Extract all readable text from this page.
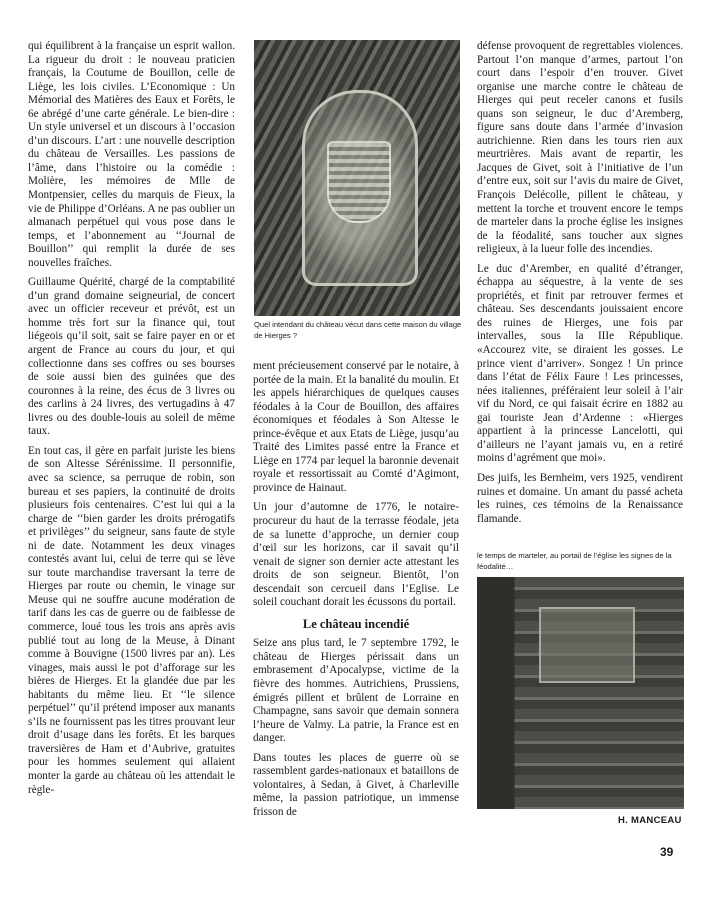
qui équilibrent à la française un esprit wallon. La rigueur du droit : le nouveau praticien français, la Coutume de Bouillon, celle de Liège, les lois civiles. L’Economique : Un Mémorial des Matières des Eaux et Forêts, le 6e abrégé d’une carte générale. Le bien-dire : Un style universel et un discours à l’occasion d’un discours. L’art : une nouvelle description du château de Versailles. Les passions de l’âme, dans l’histoire ou la comédie : Molière, les mémoires de Mlle de Montpensier, celles du marquis de Fieux, la vie de Philippe d’Orléans. A ne pas oublier un almanach perpétuel qui vous pose dans le temps, et l’abonnement au ‘‘Journal de Bouillon’’ qui remplit la durée de ses nouvelles fraîches.

Guillaume Quérité, chargé de la comptabilité d’un grand domaine seigneurial, de concert avec un officier receveur et prévôt, est un homme très fort sur la finance qui, tout liégeois qu’il soit, sait se faire payer en or et argent de France au cours du jour, et qui collectionne dans ses coffres ou ses bourses de soie aussi bien des guinées que des couronnes à la reine, des écus de 3 livres ou des carlins à 24 livres, des vertugadins à 47 livres ou des double-louis au soleil de même taux.

En tout cas, il gère en parfait juriste les biens de son Altesse Sérénissime. Il personnifie, avec sa science, sa perruque de robin, son bureau et ses papiers, la continuité de droits plusieurs fois centenaires. C’est lui qui a la charge de ‘‘bien garder les droits prérogatifs et privilèges’’ du seigneur, sans faute de style ni de date. Notamment les deux vinages contestés avant lui, celui de terre qui se lève sur toute marchandise traversant la terre de Hierges par route ou chemin, le vinage sur Meuse qui ne souffre aucune modération de tarif dans les cas de guerre ou de faiblesse de commerce, loué tous les trois ans après avis publié tout au long de la Meuse, à Dinant comme à Bouvigne (1500 livres par an). Les vinages, mais aussi le pot d’afforage sur les bières de Hierges. Et la glandée due par les habitants du même lieu. Et ‘‘le silence perpétuel’’ qu’il prétend imposer aux manants s’ils ne fournissent pas les titres prouvant leur droit d’usage dans les forêts. Et les barques traversières de Ham et d’Aubrive, gratuites pour les hommes seulement qui allaient monter la garde au château où les attendait le règle-

Quel intendant du château vécut dans cette maison du village de Hierges ?

ment précieusement conservé par le notaire, à portée de la main. Et la banalité du moulin. Et les appels hiérarchiques de quelques causes féodales à la Cour de Bouillon, des affaires économiques et féodales à Son Altesse le prince-évêque et aux Etats de Liège, jusqu’au Traité des Limites passé entre la France et Liège en 1774 par lequel la baronnie devenait royale et ressortissait au Comté d’Agimont, province de Hainaut.

Un jour d’automne de 1776, le notaire-procureur du haut de la terrasse féodale, jeta de sa lunette d’approche, un dernier coup d’œil sur les horizons, car il savait qu’il venait de signer son dernier acte attestant les droits de son seigneur. Bientôt, l’on descendait son cercueil dans l’Eglise. Le soleil couchant dorait les écussons du portail.

Le château incendié

Seize ans plus tard, le 7 septembre 1792, le château de Hierges périssait dans un embrasement d’Apocalypse, victime de la fièvre des hommes. Autrichiens, Prussiens, émigrés pillent et brûlent de Lorraine en Champagne, sans savoir que demain sonnera l’heure de Valmy. La patrie, la France est en danger.

Dans toutes les places de guerre où se rassemblent gardes-nationaux et bataillons de volontaires, à Sedan, à Givet, à Charleville même, la passion patriotique, un immense frisson de

défense provoquent de regrettables violences. Partout l’on manque d’armes, partout l’on court dans l’espoir d’en trouver. Givet organise une marche contre le château de Hierges qui peut receler canons et fusils quans son seigneur, le duc d’Aremberg, figure sans doute dans l’armée d’invasion autrichienne. Rien dans les tours rien aux meurtrières. Mais avant de repartir, les Jacques de Givet, soit à l’initiative de l’un d’entre eux, soit sur l’avis du maire de Givet, François Delécolle, pillent le château, y mettent la torche et trouvent encore le temps de marteler dans la proche église les insignes de la féodalité, sans toucher aux signes religieux, à la lueur folle des incendies.

Le duc d’Arember, en qualité d’étranger, échappa au séquestre, à la vente de ses propriétés, et finit par retrouver fermes et château. Ses descendants jouissaient encore des ruines de Hierges, une fois par intervalles, sous la IIIe République. «Accourez vite, se diraient les gosses. Le prince vient d’arriver». Songez ! Un prince dans l’état de Félix Faure ! Les princesses, nées italiennes, préféraient leur soleil à l’air vif du Nord, ce qui faisait écrire en 1882 au gai touriste Jean d’Ardenne : «Hierges appartient à la princesse Lancelotti, qui d’ailleurs ne l’ayant jamais vu, en a retiré moins d’agrément que moi».

Des juifs, les Bernheim, vers 1925, vendirent ruines et domaine. Un amant du passé acheta les ruines, ces témoins de la Renaissance flamande.

le temps de marteler, au portail de l’église les signes de la féodalité…
H. MANCEAU
39
